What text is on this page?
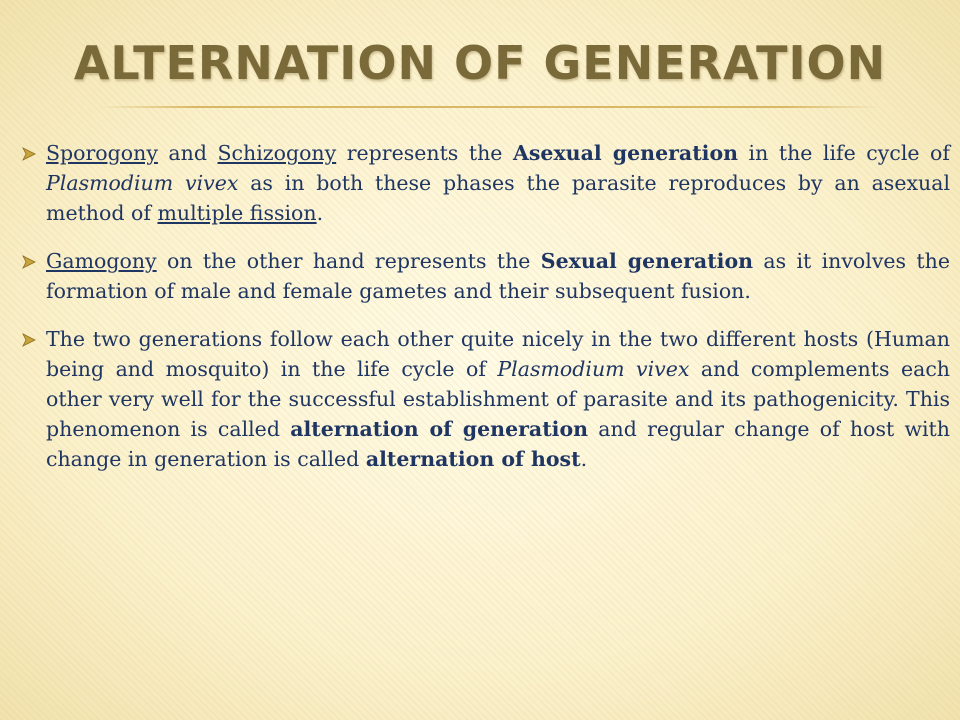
ALTERNATION OF GENERATION
Sporogony and Schizogony represents the Asexual generation in the life cycle of Plasmodium vivex as in both these phases the parasite reproduces by an asexual method of multiple fission.
Gamogony on the other hand represents the Sexual generation as it involves the formation of male and female gametes and their subsequent fusion.
The two generations follow each other quite nicely in the two different hosts (Human being and mosquito) in the life cycle of Plasmodium vivex and complements each other very well for the successful establishment of parasite and its pathogenicity. This phenomenon is called alternation of generation and regular change of host with change in generation is called alternation of host.
